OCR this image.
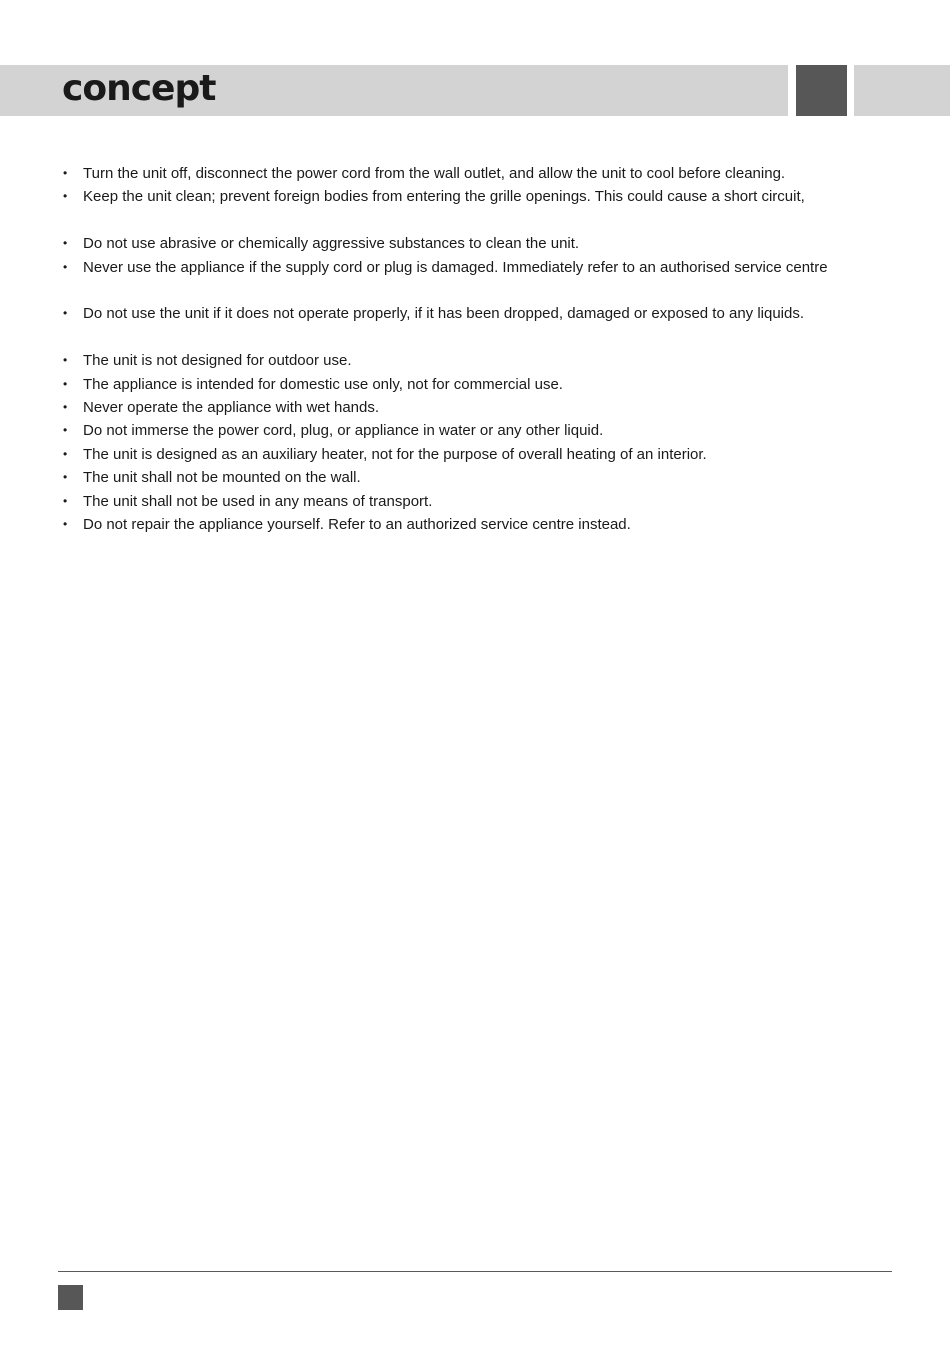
concept
• Turn the unit off, disconnect the power cord from the wall outlet, and allow the unit to cool before cleaning.
• Keep the unit clean; prevent foreign bodies from entering the grille openings. This could cause a short circuit,
• Do not use abrasive or chemically aggressive substances to clean the unit.
• Never use the appliance if the supply cord or plug is damaged. Immediately refer to an authorised service centre
• Do not use the unit if it does not operate properly, if it has been dropped, damaged or exposed to any liquids.
• The unit is not designed for outdoor use.
• The appliance is intended for domestic use only, not for commercial use.
• Never operate the appliance with wet hands.
• Do not immerse the power cord, plug, or appliance in water or any other liquid.
• The unit is designed as an auxiliary heater, not for the purpose of overall heating of an interior.
• The unit shall not be mounted on the wall.
• The unit shall not be used in any means of transport.
• Do not repair the appliance yourself. Refer to an authorized service centre instead.
